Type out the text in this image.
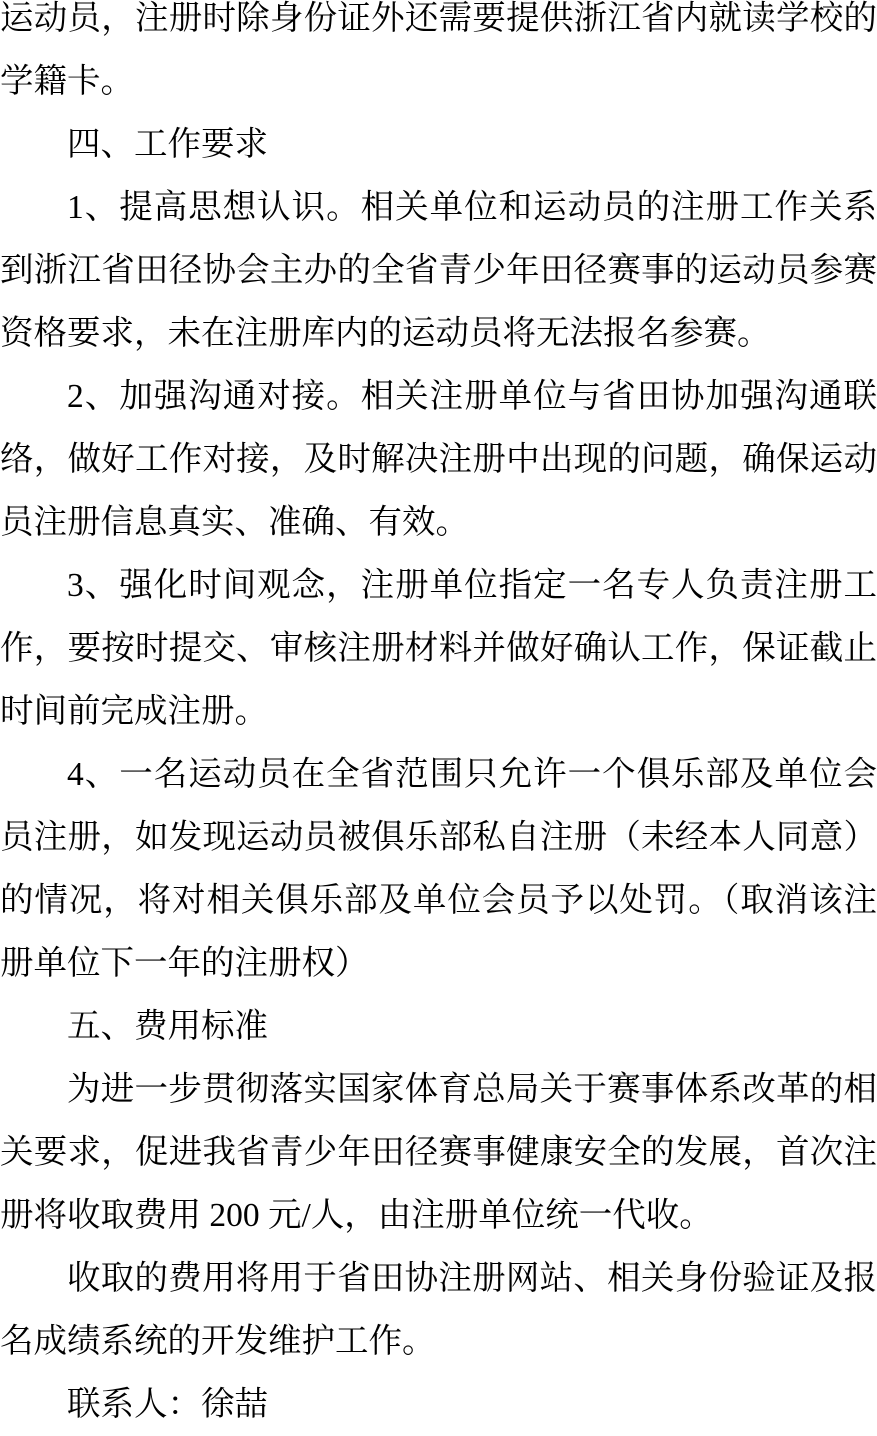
运动员，注册时除身份证外还需要提供浙江省内就读学校的学籍卡。

四、工作要求

1、提高思想认识。相关单位和运动员的注册工作关系到浙江省田径协会主办的全省青少年田径赛事的运动员参赛资格要求，未在注册库内的运动员将无法报名参赛。

2、加强沟通对接。相关注册单位与省田协加强沟通联络，做好工作对接，及时解决注册中出现的问题，确保运动员注册信息真实、准确、有效。

3、强化时间观念，注册单位指定一名专人负责注册工作，要按时提交、审核注册材料并做好确认工作，保证截止时间前完成注册。

4、一名运动员在全省范围只允许一个俱乐部及单位会员注册，如发现运动员被俱乐部私自注册（未经本人同意）的情况，将对相关俱乐部及单位会员予以处罚。（取消该注册单位下一年的注册权）

五、费用标准

为进一步贯彻落实国家体育总局关于赛事体系改革的相关要求，促进我省青少年田径赛事健康安全的发展，首次注册将收取费用 200 元/人，由注册单位统一代收。

收取的费用将用于省田协注册网站、相关身份验证及报名成绩系统的开发维护工作。

联系人：徐喆
